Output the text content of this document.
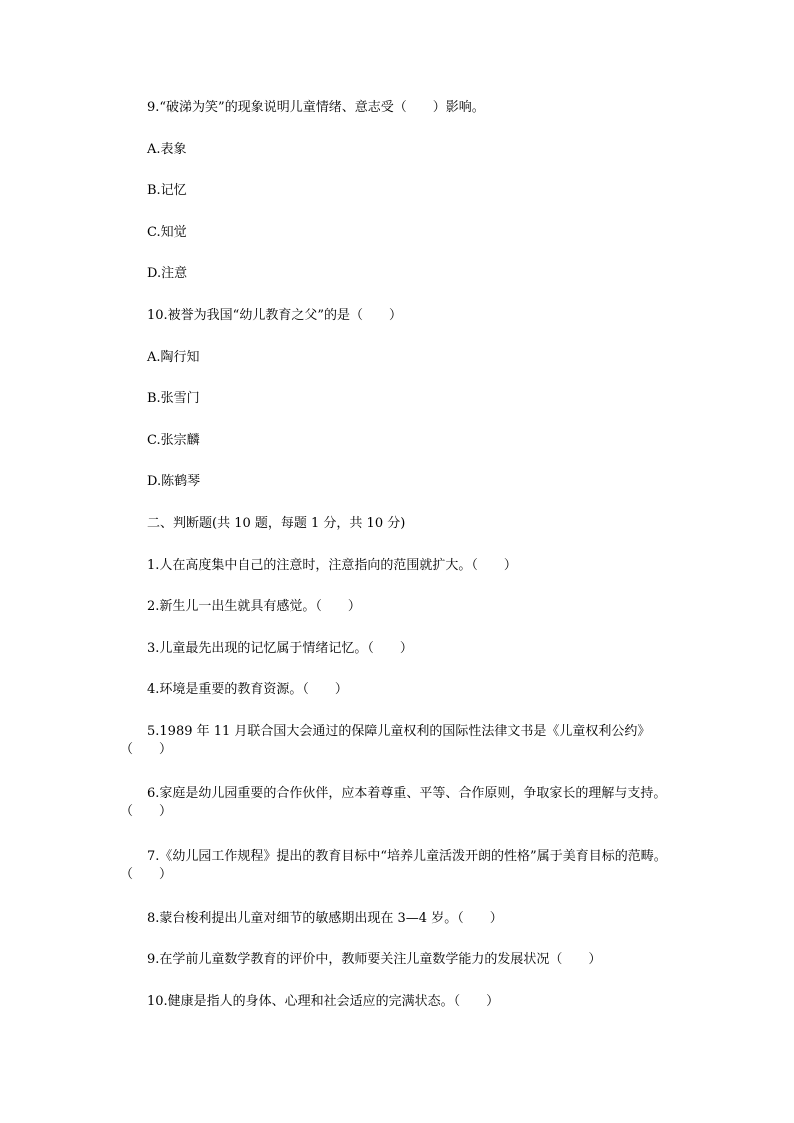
9.“破涕为笑”的现象说明儿童情绪、意志受（　　）影响。
A.表象
B.记忆
C.知觉
D.注意
10.被誉为我国“幼儿教育之父”的是（　　）
A.陶行知
B.张雪门
C.张宗麟
D.陈鹤琴
二、判断题(共 10 题，每题 1 分，共 10 分)
1.人在高度集中自己的注意时，注意指向的范围就扩大。（　　）
2.新生儿一出生就具有感觉。（　　）
3.儿童最先出现的记忆属于情绪记忆。（　　）
4.环境是重要的教育资源。（　　）
5.1989 年 11 月联合国大会通过的保障儿童权利的国际性法律文书是《儿童权利公约》（　　）
6.家庭是幼儿园重要的合作伙伴，应本着尊重、平等、合作原则，争取家长的理解与支持。（　　）
7.《幼儿园工作规程》提出的教育目标中“培养儿童活泼开朗的性格”属于美育目标的范畴。（　　）
8.蒙台梭利提出儿童对细节的敏感期出现在 3—4 岁。（　　）
9.在学前儿童数学教育的评价中，教师要关注儿童数学能力的发展状况（　　）
10.健康是指人的身体、心理和社会适应的完满状态。（　　）
